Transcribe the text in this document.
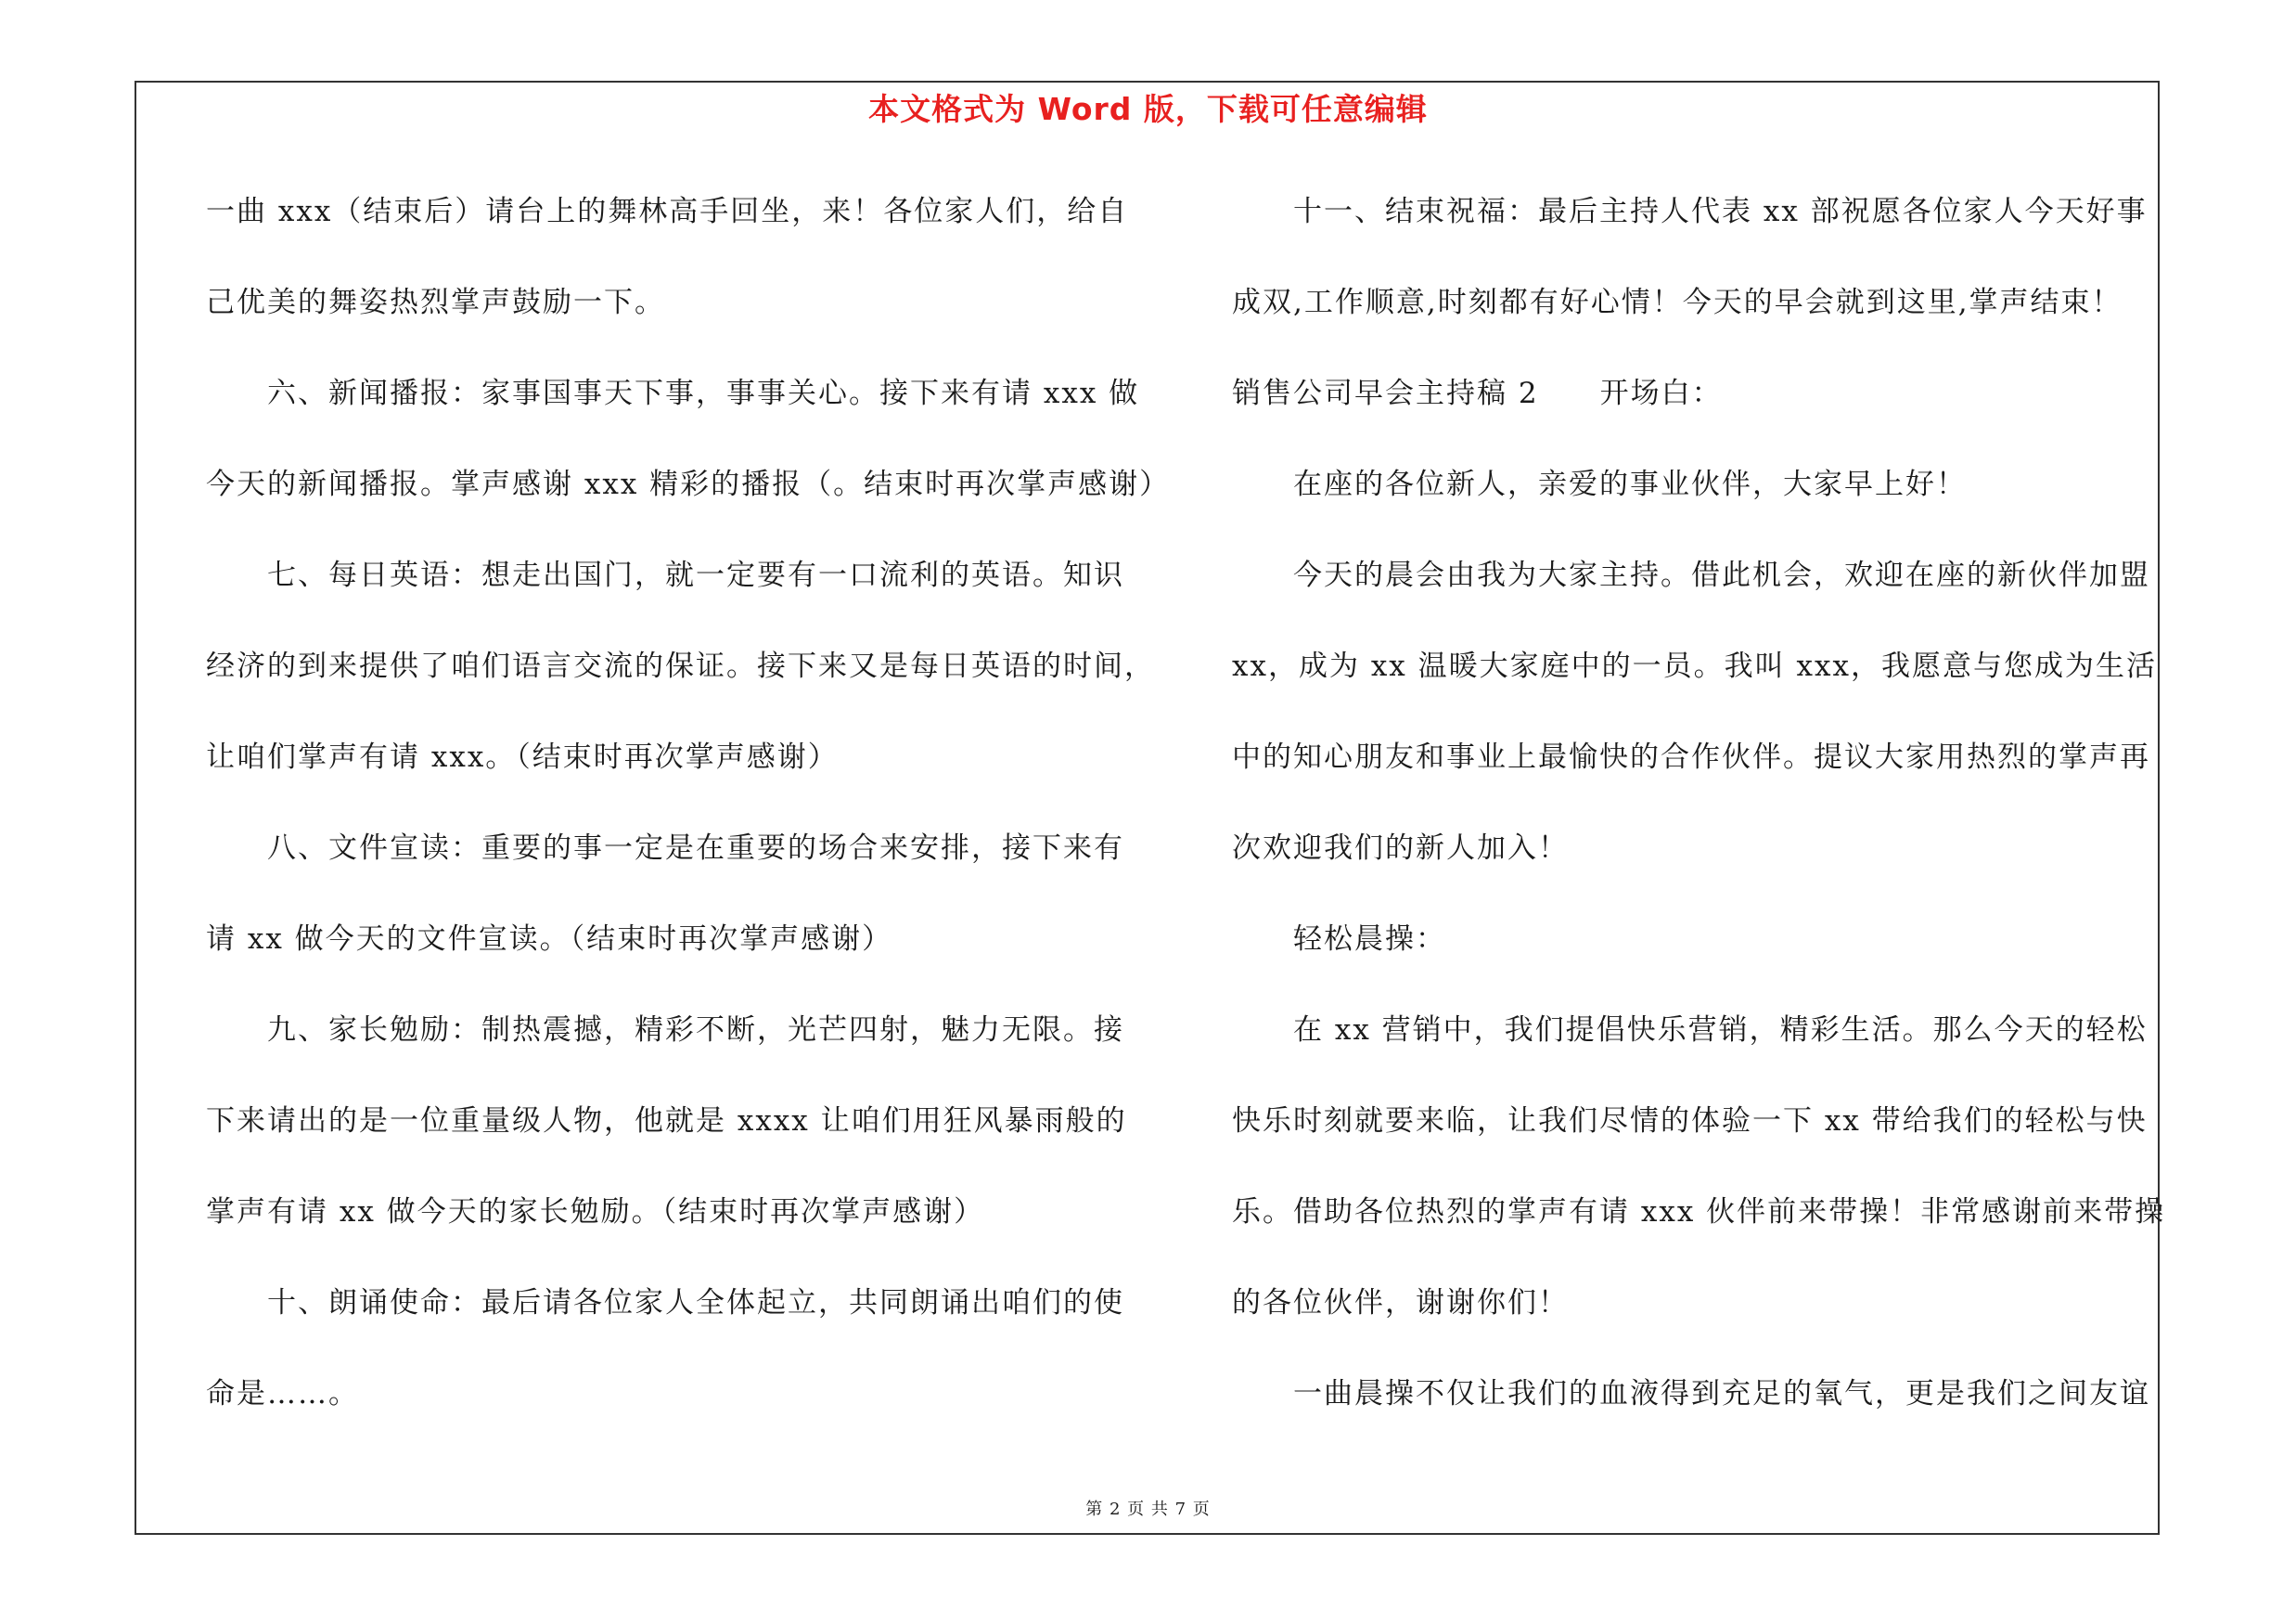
本文格式为 Word 版，下载可任意编辑
一曲 xxx（结束后）请台上的舞林高手回坐，来！各位家人们，给自
己优美的舞姿热烈掌声鼓励一下。
六、新闻播报：家事国事天下事，事事关心。接下来有请 xxx 做
今天的新闻播报。掌声感谢 xxx 精彩的播报（。结束时再次掌声感谢）
七、每日英语：想走出国门，就一定要有一口流利的英语。知识
经济的到来提供了咱们语言交流的保证。接下来又是每日英语的时间，
让咱们掌声有请 xxx。（结束时再次掌声感谢）
八、文件宣读：重要的事一定是在重要的场合来安排，接下来有
请 xx 做今天的文件宣读。（结束时再次掌声感谢）
九、家长勉励：制热震撼，精彩不断，光芒四射，魅力无限。接
下来请出的是一位重量级人物，他就是 xxxx 让咱们用狂风暴雨般的
掌声有请 xx 做今天的家长勉励。（结束时再次掌声感谢）
十、朗诵使命：最后请各位家人全体起立，共同朗诵出咱们的使
命是……。
十一、结束祝福：最后主持人代表 xx 部祝愿各位家人今天好事
成双,工作顺意,时刻都有好心情！今天的早会就到这里,掌声结束！
销售公司早会主持稿 2　　开场白：
在座的各位新人，亲爱的事业伙伴，大家早上好！
今天的晨会由我为大家主持。借此机会，欢迎在座的新伙伴加盟
xx，成为 xx 温暖大家庭中的一员。我叫 xxx，我愿意与您成为生活
中的知心朋友和事业上最愉快的合作伙伴。提议大家用热烈的掌声再
次欢迎我们的新人加入！
轻松晨操：
在 xx 营销中，我们提倡快乐营销，精彩生活。那么今天的轻松
快乐时刻就要来临，让我们尽情的体验一下 xx 带给我们的轻松与快
乐。借助各位热烈的掌声有请 xxx 伙伴前来带操！非常感谢前来带操
的各位伙伴，谢谢你们！
一曲晨操不仅让我们的血液得到充足的氧气，更是我们之间友谊
第 2 页 共 7 页
